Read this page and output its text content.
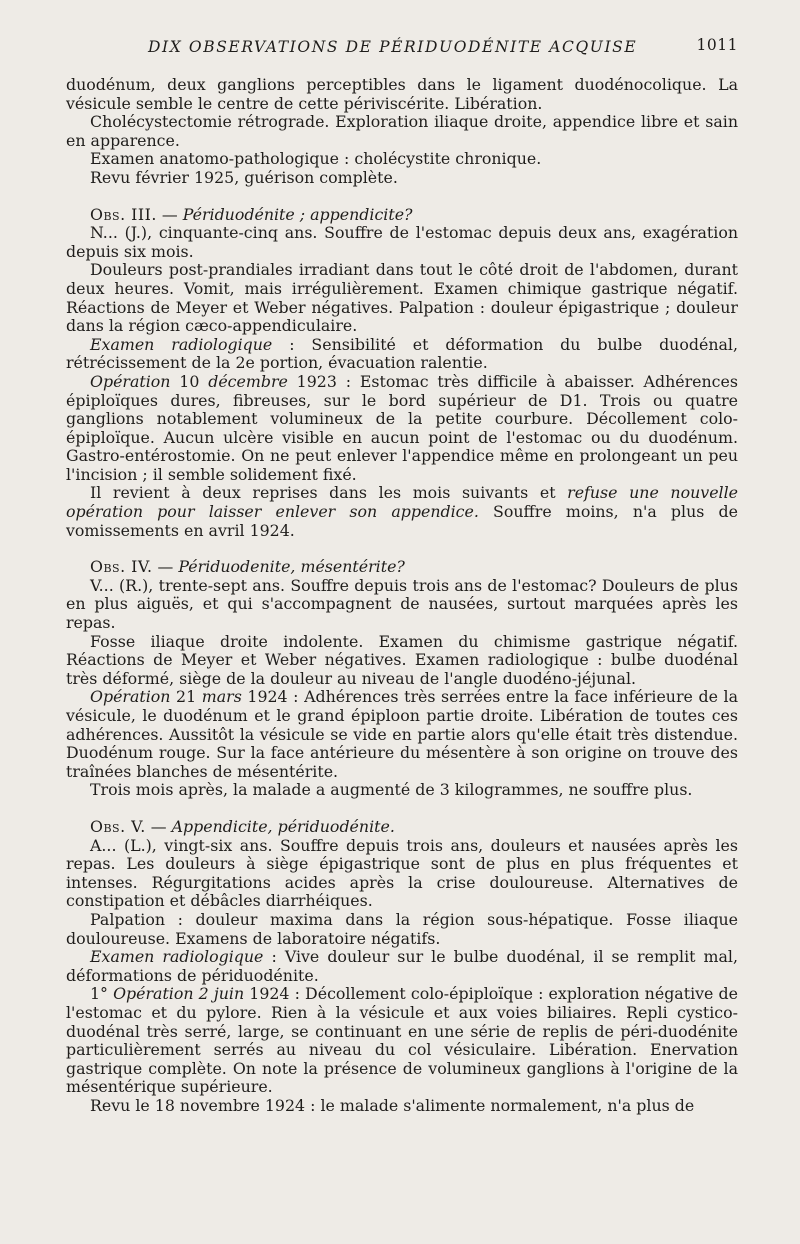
DIX OBSERVATIONS DE PÉRIDUODÉNITE ACQUISE	1011

duodénum, deux ganglions perceptibles dans le ligament duodénocolique. La vésicule semble le centre de cette périviscérite. Libération.

Cholécystectomie rétrograde. Exploration iliaque droite, appendice libre et sain en apparence.

Examen anatomo-pathologique : cholécystite chronique.

Revu février 1925, guérison complète.

Obs. III. — Périduodénite ; appendicite?

N... (J.), cinquante-cinq ans. Souffre de l'estomac depuis deux ans, exagération depuis six mois.

Douleurs post-prandiales irradiant dans tout le côté droit de l'abdomen, durant deux heures. Vomit, mais irrégulièrement. Examen chimique gastrique négatif. Réactions de Meyer et Weber négatives. Palpation : douleur épigastrique ; douleur dans la région cæco-appendiculaire.

Examen radiologique : Sensibilité et déformation du bulbe duodénal, rétrécissement de la 2e portion, évacuation ralentie.

Opération 10 décembre 1923 : Estomac très difficile à abaisser. Adhérences épiploïques dures, fibreuses, sur le bord supérieur de D1. Trois ou quatre ganglions notablement volumineux de la petite courbure. Décollement colo-épiploïque. Aucun ulcère visible en aucun point de l'estomac ou du duodénum. Gastro-entérostomie. On ne peut enlever l'appendice même en prolongeant un peu l'incision ; il semble solidement fixé.

Il revient à deux reprises dans les mois suivants et refuse une nouvelle opération pour laisser enlever son appendice. Souffre moins, n'a plus de vomissements en avril 1924.

Obs. IV. — Périduodenite, mésentérite?

V... (R.), trente-sept ans. Souffre depuis trois ans de l'estomac? Douleurs de plus en plus aiguës, et qui s'accompagnent de nausées, surtout marquées après les repas.

Fosse iliaque droite indolente. Examen du chimisme gastrique négatif. Réactions de Meyer et Weber négatives. Examen radiologique : bulbe duodénal très déformé, siège de la douleur au niveau de l'angle duodéno-jéjunal.

Opération 21 mars 1924 : Adhérences très serrées entre la face inférieure de la vésicule, le duodénum et le grand épiploon partie droite. Libération de toutes ces adhérences. Aussitôt la vésicule se vide en partie alors qu'elle était très distendue. Duodénum rouge. Sur la face antérieure du mésentère à son origine on trouve des traînées blanches de mésentérite.

Trois mois après, la malade a augmenté de 3 kilogrammes, ne souffre plus.

Obs. V. — Appendicite, périduodénite.

A... (L.), vingt-six ans. Souffre depuis trois ans, douleurs et nausées après les repas. Les douleurs à siège épigastrique sont de plus en plus fréquentes et intenses. Régurgitations acides après la crise douloureuse. Alternatives de constipation et débâcles diarrhéiques.

Palpation : douleur maxima dans la région sous-hépatique. Fosse iliaque douloureuse. Examens de laboratoire négatifs.

Examen radiologique : Vive douleur sur le bulbe duodénal, il se remplit mal, déformations de périduodénite.

1° Opération 2 juin 1924 : Décollement colo-épiploïque : exploration négative de l'estomac et du pylore. Rien à la vésicule et aux voies biliaires. Repli cystico-duodénal très serré, large, se continuant en une série de replis de péri-duodénite particulièrement serrés au niveau du col vésiculaire. Libération. Enervation gastrique complète. On note la présence de volumineux ganglions à l'origine de la mésentérique supérieure.

Revu le 18 novembre 1924 : le malade s'alimente normalement, n'a plus de
